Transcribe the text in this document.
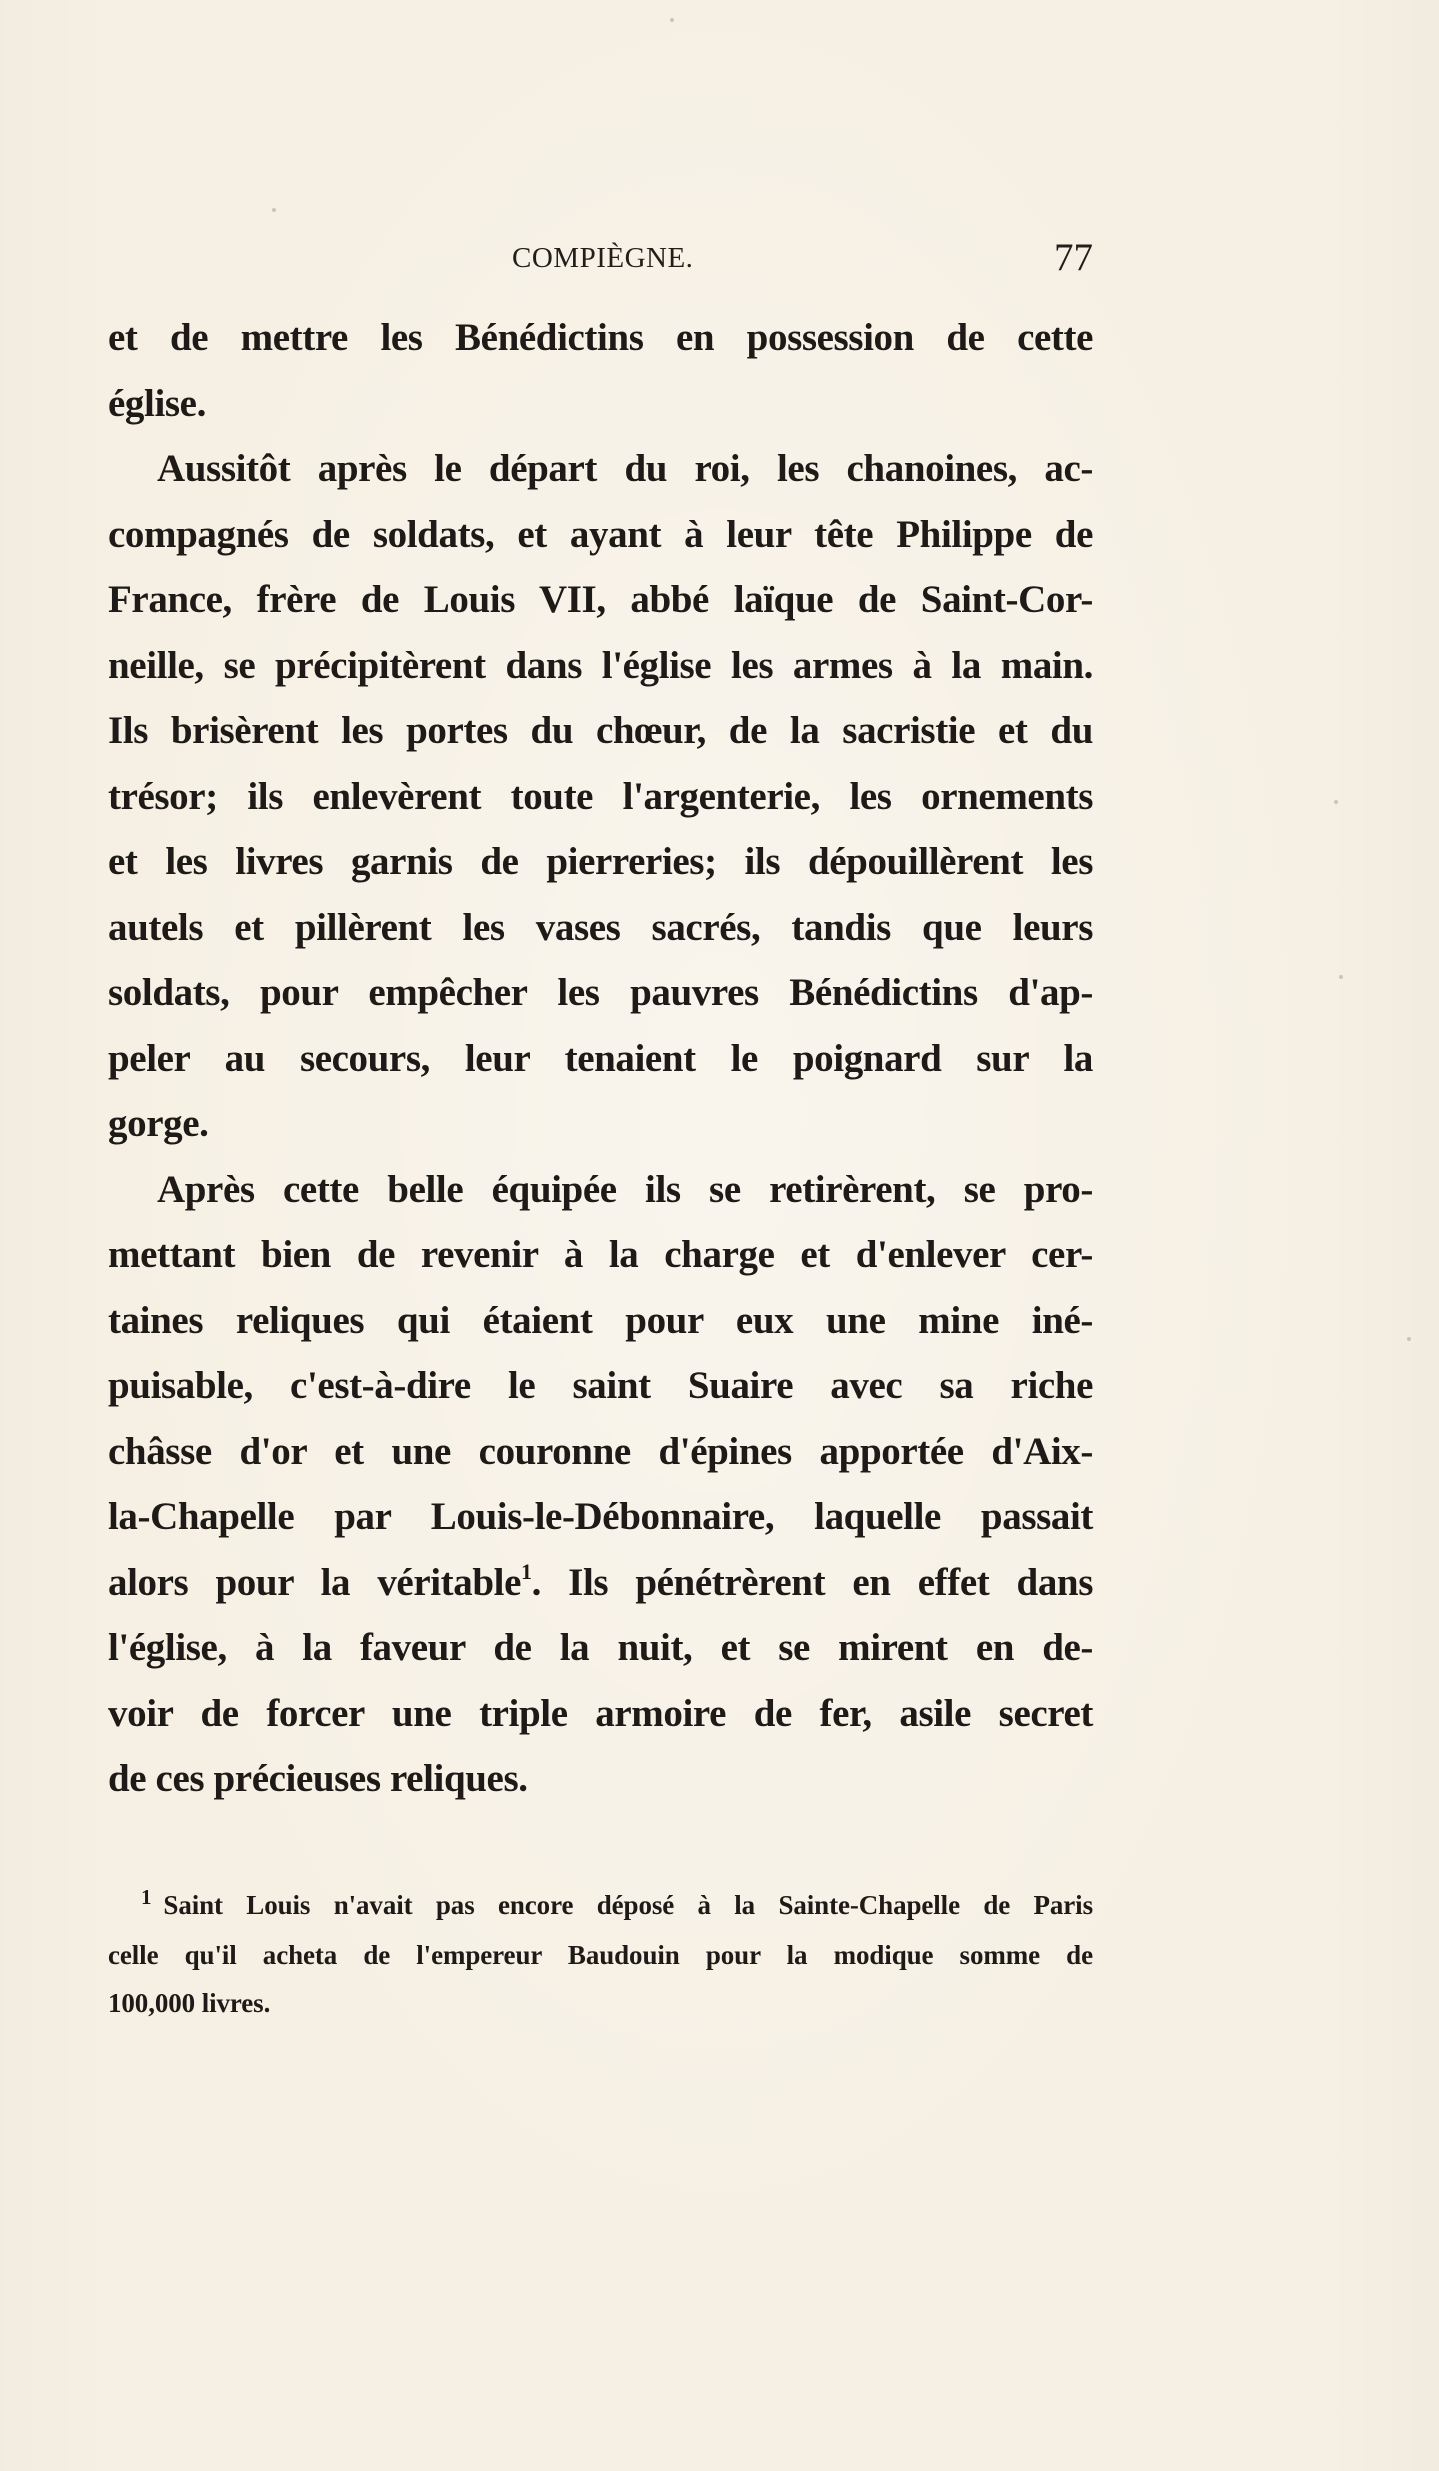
COMPIÈGNE.	77

et de mettre les Bénédictins en possession de cette
église.

Aussitôt après le départ du roi, les chanoines, ac-
compagnés de soldats, et ayant à leur tête Philippe de
France, frère de Louis VII, abbé laïque de Saint-Cor-
neille, se précipitèrent dans l'église les armes à la main.
Ils brisèrent les portes du chœur, de la sacristie et du
trésor; ils enlevèrent toute l'argenterie, les ornements
et les livres garnis de pierreries; ils dépouillèrent les
autels et pillèrent les vases sacrés, tandis que leurs
soldats, pour empêcher les pauvres Bénédictins d'ap-
peler au secours, leur tenaient le poignard sur la
gorge.

Après cette belle équipée ils se retirèrent, se pro-
mettant bien de revenir à la charge et d'enlever cer-
taines reliques qui étaient pour eux une mine iné-
puisable, c'est-à-dire le saint Suaire avec sa riche
châsse d'or et une couronne d'épines apportée d'Aix-
la-Chapelle par Louis-le-Débonnaire, laquelle passait
alors pour la véritable$^1$. Ils pénétrèrent en effet dans
l'église, à la faveur de la nuit, et se mirent en de-
voir de forcer une triple armoire de fer, asile secret
de ces précieuses reliques.

1 Saint Louis n'avait pas encore déposé à la Sainte-Chapelle de Paris
celle qu'il acheta de l'empereur Baudouin pour la modique somme de
100,000 livres.
